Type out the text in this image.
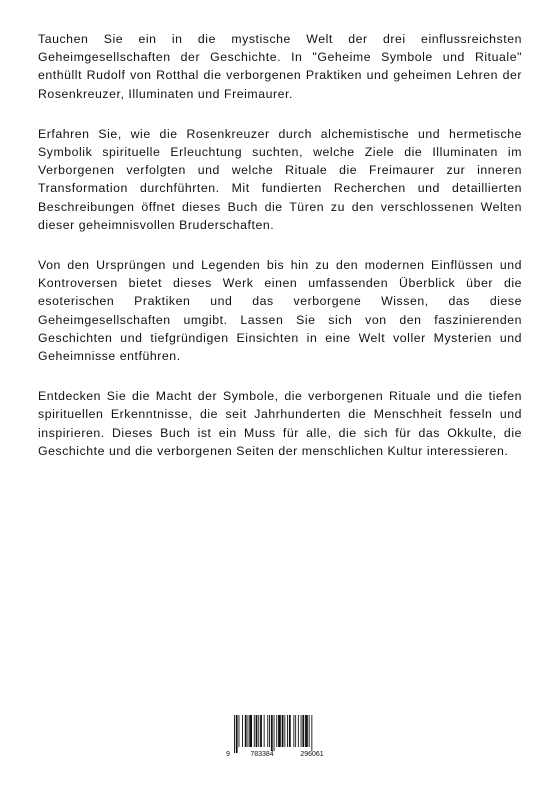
Tauchen Sie ein in die mystische Welt der drei einflussreichsten Geheimgesellschaften der Geschichte. In "Geheime Symbole und Rituale" enthüllt Rudolf von Rotthal die verborgenen Praktiken und geheimen Lehren der Rosenkreuzer, Illuminaten und Freimaurer.

Erfahren Sie, wie die Rosenkreuzer durch alchemistische und hermetische Symbolik spirituelle Erleuchtung suchten, welche Ziele die Illuminaten im Verborgenen verfolgten und welche Rituale die Freimaurer zur inneren Transformation durchführten. Mit fundierten Recherchen und detaillierten Beschreibungen öffnet dieses Buch die Türen zu den verschlossenen Welten dieser geheimnisvollen Bruderschaften.

Von den Ursprüngen und Legenden bis hin zu den modernen Einflüssen und Kontroversen bietet dieses Werk einen umfassenden Überblick über die esoterischen Praktiken und das verborgene Wissen, das diese Geheimgesellschaften umgibt. Lassen Sie sich von den faszinierenden Geschichten und tiefgründigen Einsichten in eine Welt voller Mysterien und Geheimnisse entführen.

Entdecken Sie die Macht der Symbole, die verborgenen Rituale und die tiefen spirituellen Erkenntnisse, die seit Jahrhunderten die Menschheit fesseln und inspirieren. Dieses Buch ist ein Muss für alle, die sich für das Okkulte, die Geschichte und die verborgenen Seiten der menschlichen Kultur interessieren.

9	783384	296061
